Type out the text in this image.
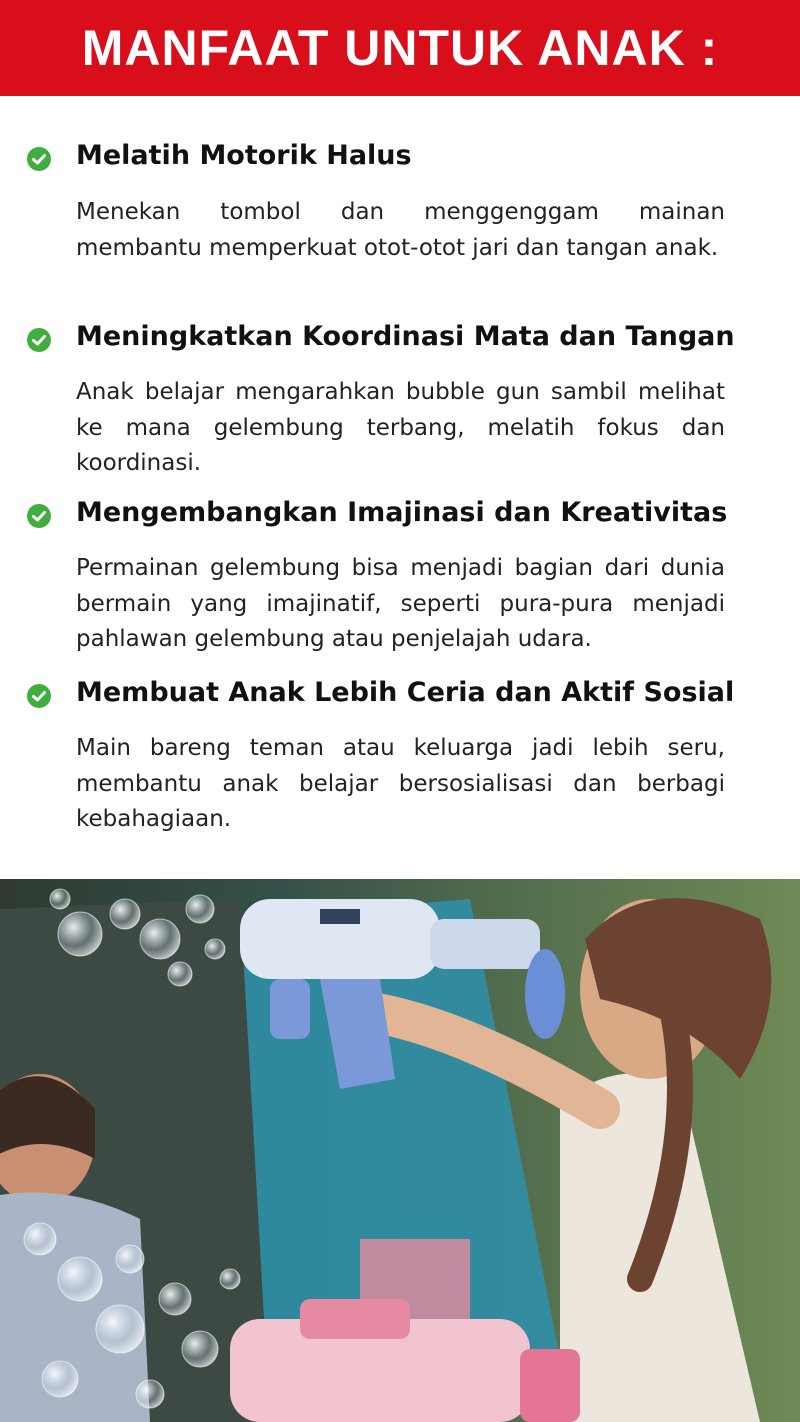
MANFAAT UNTUK ANAK :
Melatih Motorik Halus
Menekan tombol dan menggenggam mainan membantu memperkuat otot-otot jari dan tangan anak.
Meningkatkan Koordinasi Mata dan Tangan
Anak belajar mengarahkan bubble gun sambil melihat ke mana gelembung terbang, melatih fokus dan koordinasi.
Mengembangkan Imajinasi dan Kreativitas
Permainan gelembung bisa menjadi bagian dari dunia bermain yang imajinatif, seperti pura-pura menjadi pahlawan gelembung atau penjelajah udara.
Membuat Anak Lebih Ceria dan Aktif Sosial
Main bareng teman atau keluarga jadi lebih seru, membantu anak belajar bersosialisasi dan berbagi kebahagiaan.
